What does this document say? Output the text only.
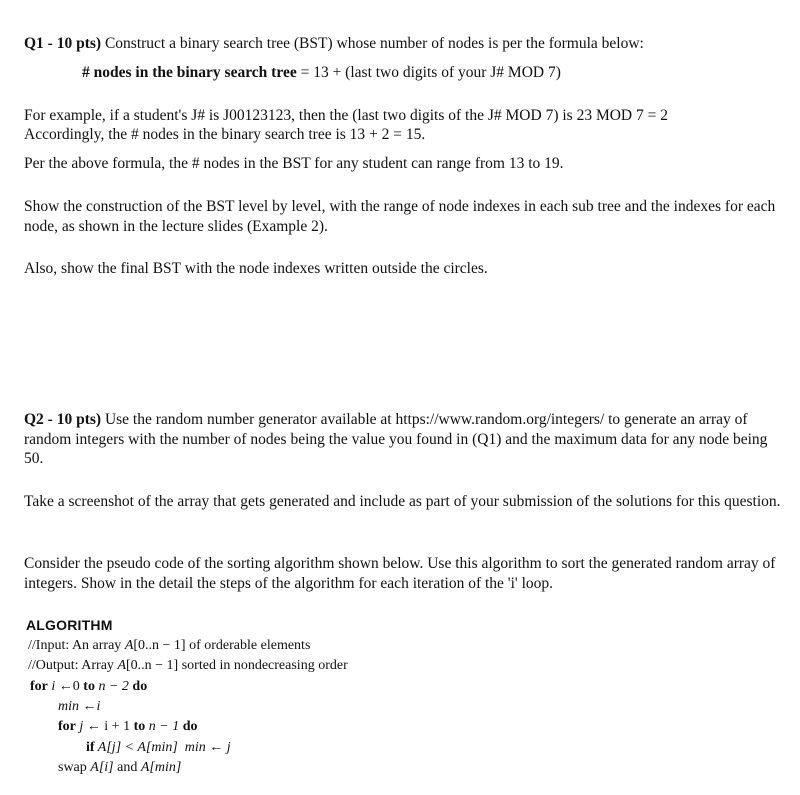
Q1 - 10 pts) Construct a binary search tree (BST) whose number of nodes is per the formula below:

# nodes in the binary search tree = 13 + (last two digits of your J# MOD 7)

For example, if a student's J# is J00123123, then the (last two digits of the J# MOD 7) is 23 MOD 7 = 2

Accordingly, the # nodes in the binary search tree is 13 + 2 = 15.

Per the above formula, the # nodes in the BST for any student can range from 13 to 19.

Show the construction of the BST level by level, with the range of node indexes in each sub tree and the indexes for each node, as shown in the lecture slides (Example 2).

Also, show the final BST with the node indexes written outside the circles.

Q2 - 10 pts) Use the random number generator available at https://www.random.org/integers/ to generate an array of random integers with the number of nodes being the value you found in (Q1) and the maximum data for any node being 50.

Take a screenshot of the array that gets generated and include as part of your submission of the solutions for this question.

Consider the pseudo code of the sorting algorithm shown below. Use this algorithm to sort the generated random array of integers. Show in the detail the steps of the algorithm for each iteration of the 'i' loop.

ALGORITHM
//Input: An array A[0..n − 1] of orderable elements
//Output: Array A[0..n − 1] sorted in nondecreasing order
for i ←0 to n − 2 do
min ←i
for j ← i + 1 to n − 1 do
if A[j] < A[min] min ← j
swap A[i] and A[min]
